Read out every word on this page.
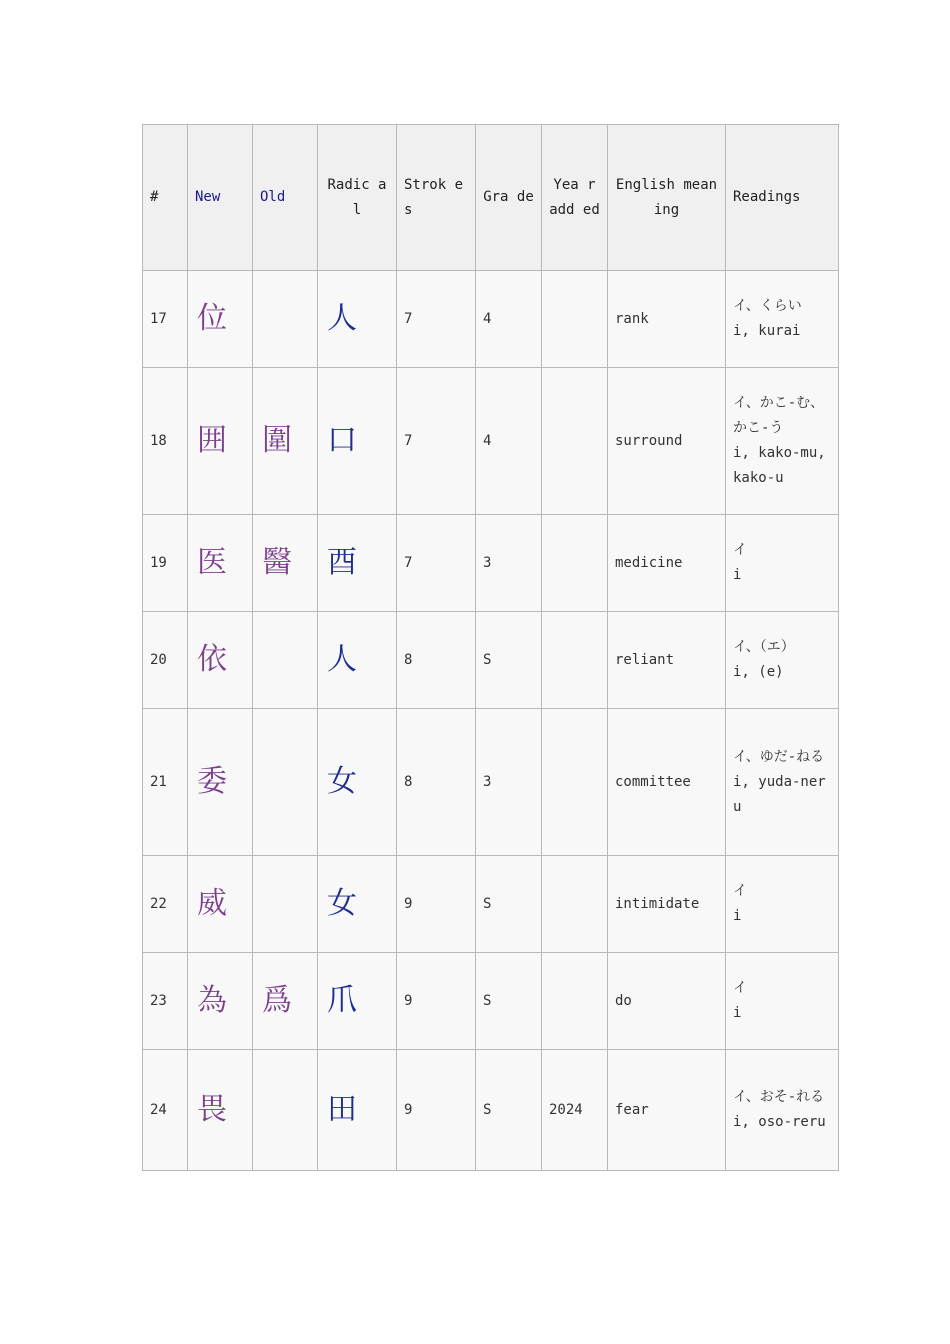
#	New	Old	Radic al	Strok es	Gra de	Yea r add ed	English meaning	Readings
17	位		人	7	4		rank	イ、くらい
i, kurai

18	囲	圍	口	7	4		surround	イ、かこ-む、かこ-う
i, kako-mu, kako-u

19	医	醫	酉	7	3		medicine	イ
i

20	依		人	8	S		reliant	イ、（エ）
i, (e)

21	委		女	8	3		committee	イ、ゆだ-ねる
i, yuda-neru

22	威		女	9	S		intimidate	イ
i

23	為	爲	爪	9	S		do	イ
i

24	畏		田	9	S	2024	fear	イ、おそ-れる
i, oso-reru
